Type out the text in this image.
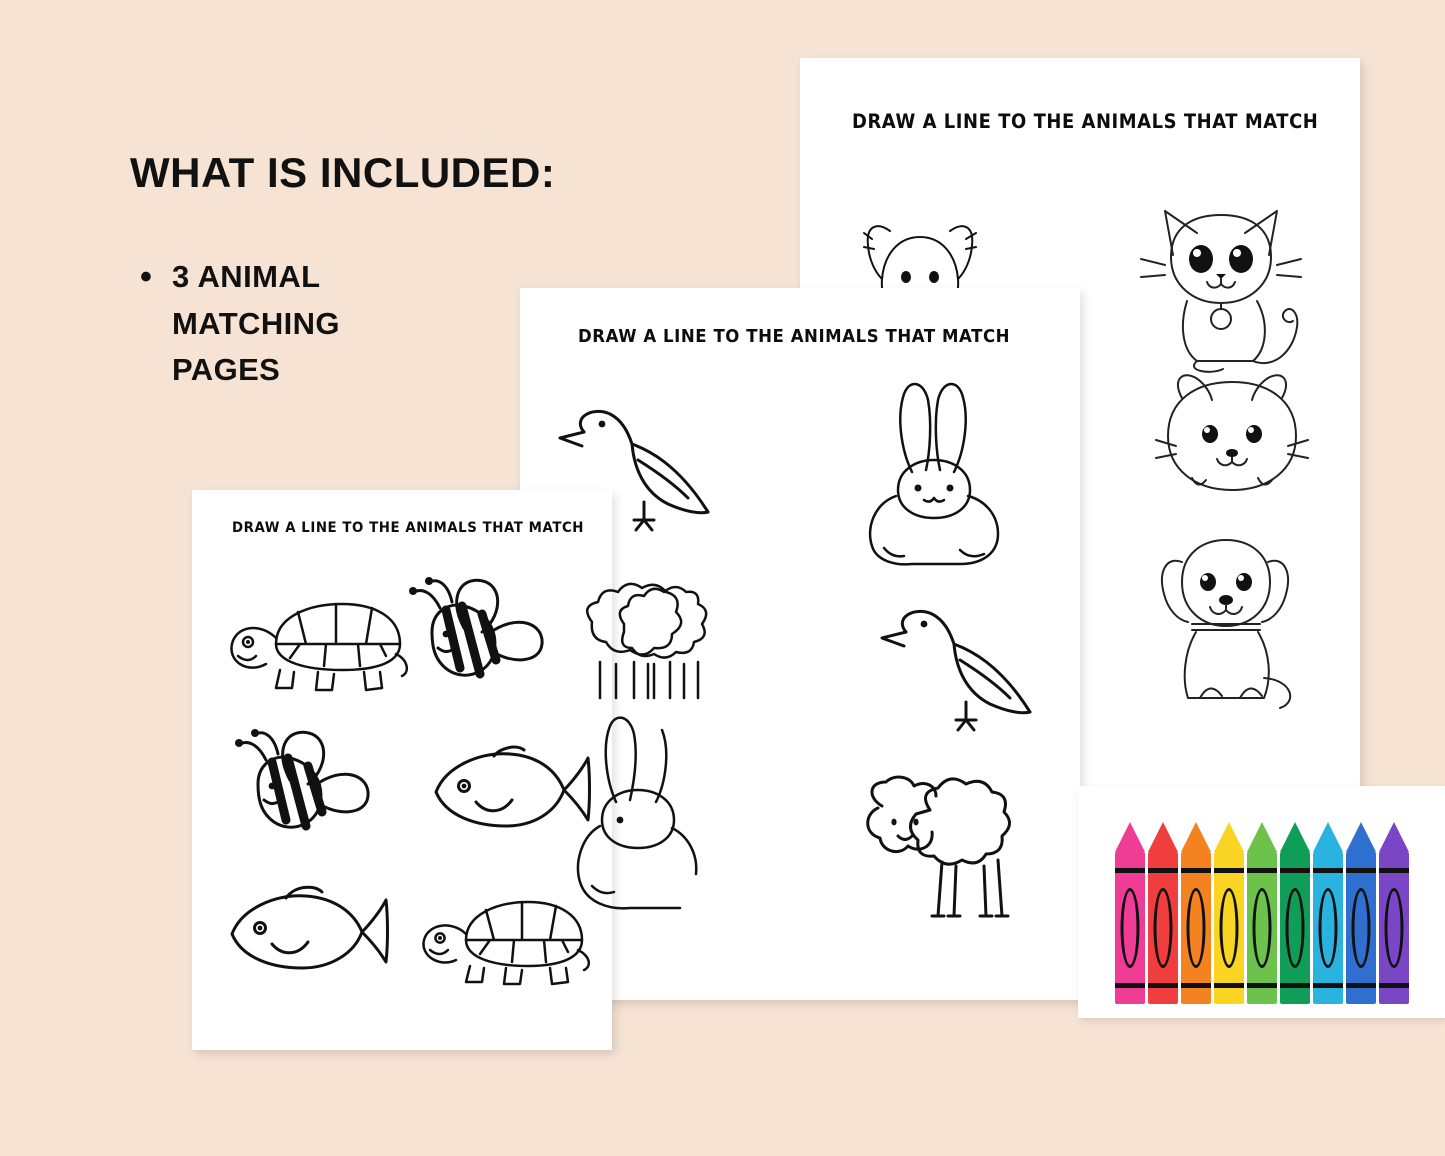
WHAT IS INCLUDED:
• 3 ANIMAL MATCHING PAGES
DRAW A LINE TO THE ANIMALS THAT MATCH
DRAW A LINE TO THE ANIMALS THAT MATCH
DRAW A LINE TO THE ANIMALS THAT MATCH
